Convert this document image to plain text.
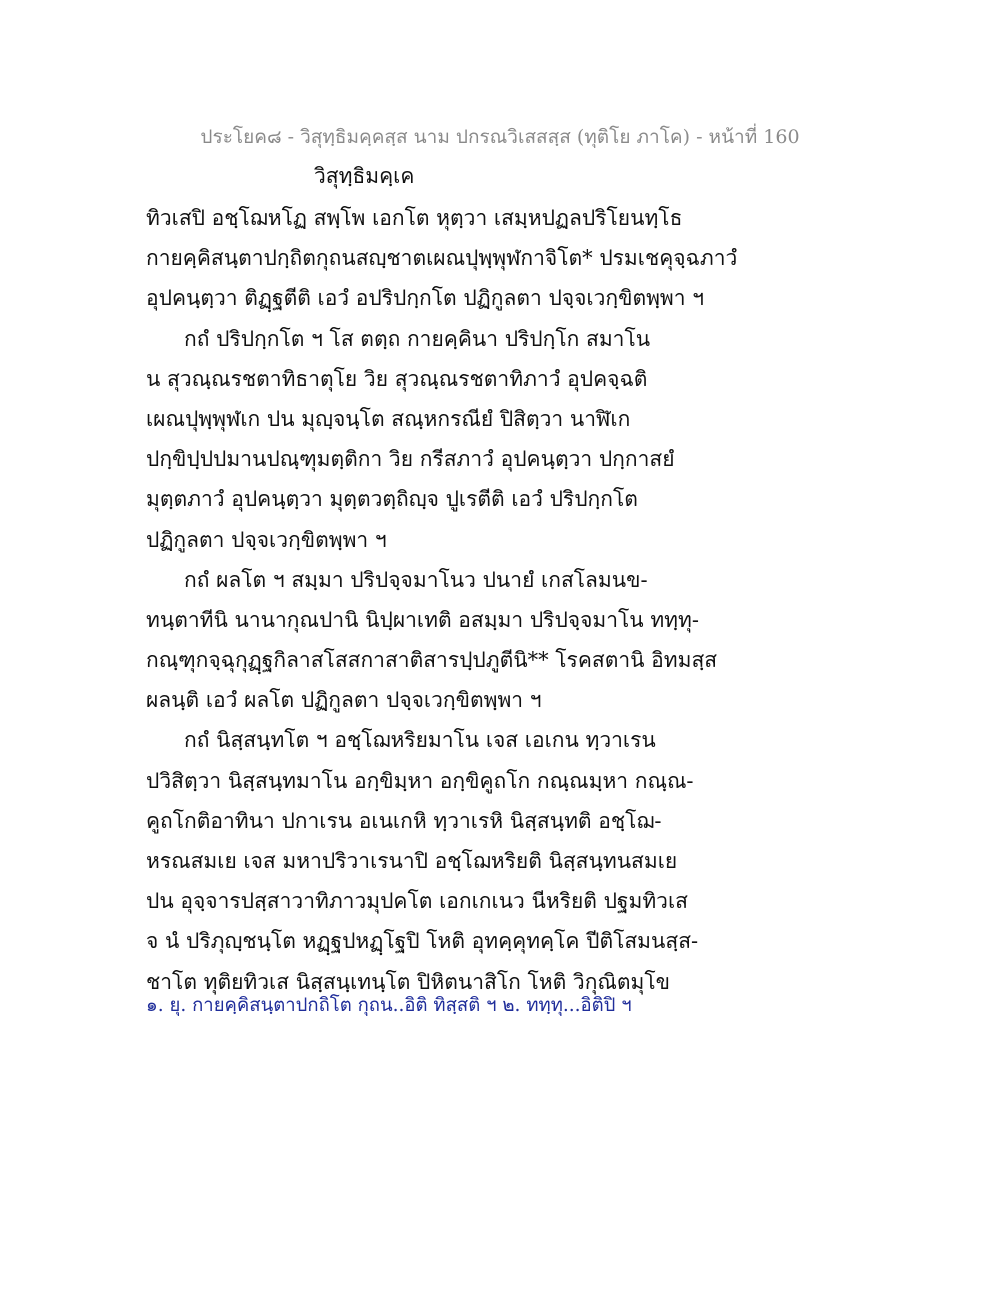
ประโยค๘ - วิสุทฺธิมคฺคสฺส นาม ปกรณวิเสสสฺส (ทุติโย ภาโค) - หน้าที่ 160
วิสุทฺธิมคฺเค
ทิวเสปิ อชฺโฌหโฏ สพฺโพ เอกโต หุตฺวา เสมฺหปฏลปริโยนทฺโธ
กายคฺคิสนฺตาปกฺถิตกุถนสญฺชาตเผณปุพฺพุฬกาจิโต* ปรมเชคุจฺฉภาวํ
อุปคนฺตฺวา ติฏฺฐตีติ เอวํ อปริปกฺกโต ปฏิกูลตา ปจฺจเวกฺขิตพฺพา ฯ
กถํ ปริปกฺกโต ฯ โส ตตฺถ กายคฺคินา ปริปกฺโก สมาโน
น สุวณฺณรชตาทิธาตุโย วิย สุวณฺณรชตาทิภาวํ อุปคจฺฉติ
เผณปุพฺพุฬเก ปน มุญฺจนฺโต สณฺหกรณียํ ปิสิตฺวา นาฬิเก
ปกฺขิปฺปปมานปณฺฑุมตฺติกา วิย กรีสภาวํ อุปคนฺตฺวา ปกฺกาสยํ
มุตฺตภาวํ อุปคนฺตฺวา มุตฺตวตฺถิญฺจ ปูเรตีติ เอวํ ปริปกฺกโต
ปฏิกูลตา ปจฺจเวกฺขิตพฺพา ฯ
กถํ ผลโต ฯ สมฺมา ปริปจฺจมาโนว ปนายํ เกสโลมนข-
ทนฺตาทีนิ นานากุณปานิ นิปฺผาเทติ อสมฺมา ปริปจฺจมาโน ททฺทุ-
กณฺฑุกจฺฉุกุฏฺฐกิลาสโสสกาสาติสารปฺปภูตีนิ** โรคสตานิ อิทมสฺส
ผลนฺติ เอวํ ผลโต ปฏิกูลตา ปจฺจเวกฺขิตพฺพา ฯ
กถํ นิสฺสนฺทโต ฯ อชฺโฌหริยมาโน เจส เอเกน ทฺวาเรน
ปวิสิตฺวา นิสฺสนฺทมาโน อกฺขิมฺหา อกฺขิคูถโก กณฺณมฺหา กณฺณ-
คูถโกติอาทินา ปกาเรน อเนเกหิ ทฺวาเรหิ นิสฺสนฺทติ อชฺโฌ-
หรณสมเย เจส มหาปริวาเรนาปิ อชฺโฌหริยติ นิสฺสนฺทนสมเย
ปน อุจฺจารปสฺสาวาทิภาวมุปคโต เอกเกเนว นีหริยติ ปฐมทิวเส
จ นํ ปริภุญฺชนฺโต หฏฺฐปหฏฺโฐปิ โหติ อุทคฺคุทคฺโค ปีติโสมนสฺส-
ชาโต ทุติยทิวเส นิสฺสนฺเทนฺโต ปิหิตนาสิโก โหติ วิกุณิตมุโข
๑. ยุ. กายคฺคิสนฺตาปกถิโต กุถน..อิติ ทิสฺสติ ฯ ๒. ททฺทุ...อิติปิ ฯ
